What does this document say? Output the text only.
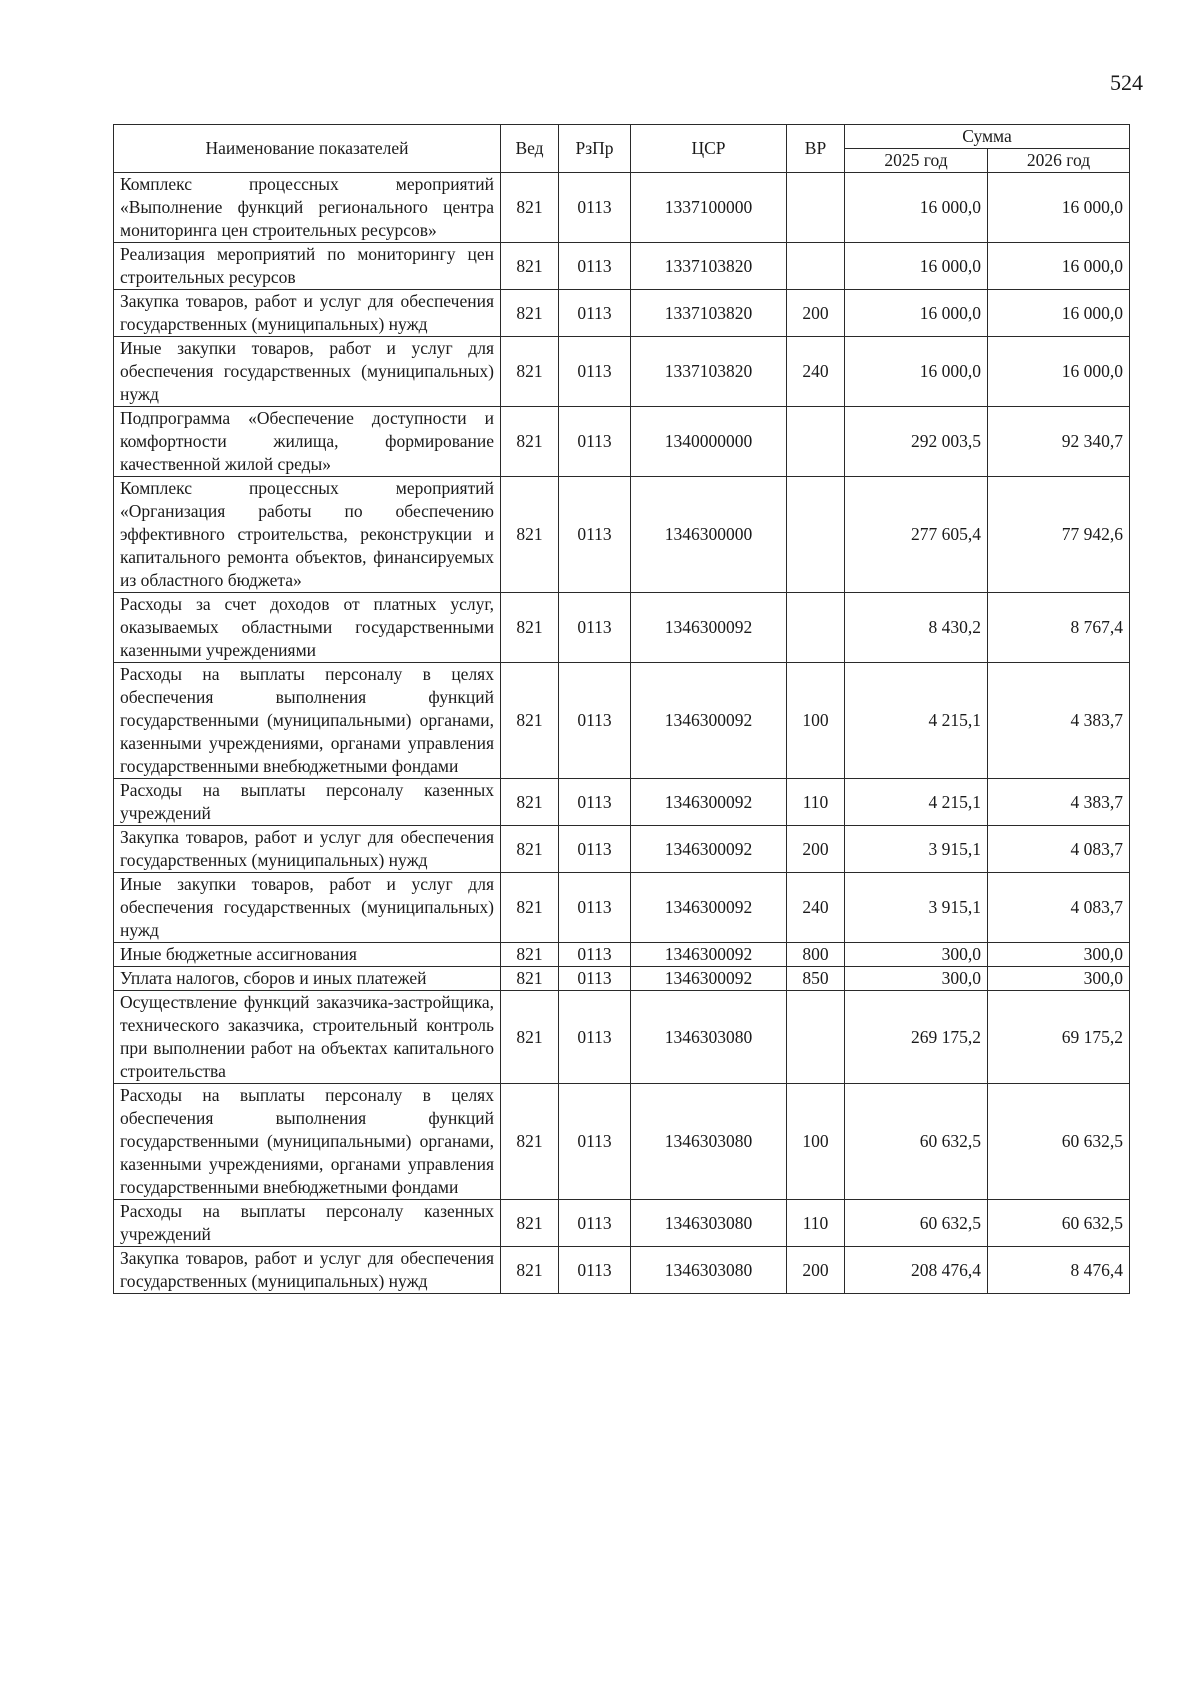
524
Наименование показателей	Вед	РзПр	ЦСР	ВР	Сумма	
					2025 год	2026 год
Комплекс процессных мероприятий «Выполнение функций регионального центра мониторинга цен строительных ресурсов»	821	0113	1337100000		16 000,0	16 000,0
Реализация мероприятий по мониторингу цен строительных ресурсов	821	0113	1337103820		16 000,0	16 000,0
Закупка товаров, работ и услуг для обеспечения государственных (муниципальных) нужд	821	0113	1337103820	200	16 000,0	16 000,0
Иные закупки товаров, работ и услуг для обеспечения государственных (муниципальных) нужд	821	0113	1337103820	240	16 000,0	16 000,0
Подпрограмма «Обеспечение доступности и комфортности жилища, формирование качественной жилой среды»	821	0113	1340000000		292 003,5	92 340,7
Комплекс процессных мероприятий «Организация работы по обеспечению эффективного строительства, реконструкции и капитального ремонта объектов, финансируемых из областного бюджета»	821	0113	1346300000		277 605,4	77 942,6
Расходы за счет доходов от платных услуг, оказываемых областными государственными казенными учреждениями	821	0113	1346300092		8 430,2	8 767,4
Расходы на выплаты персоналу в целях обеспечения выполнения функций государственными (муниципальными) органами, казенными учреждениями, органами управления государственными внебюджетными фондами	821	0113	1346300092	100	4 215,1	4 383,7
Расходы на выплаты персоналу казенных учреждений	821	0113	1346300092	110	4 215,1	4 383,7
Закупка товаров, работ и услуг для обеспечения государственных (муниципальных) нужд	821	0113	1346300092	200	3 915,1	4 083,7
Иные закупки товаров, работ и услуг для обеспечения государственных (муниципальных) нужд	821	0113	1346300092	240	3 915,1	4 083,7
Иные бюджетные ассигнования	821	0113	1346300092	800	300,0	300,0
Уплата налогов, сборов и иных платежей	821	0113	1346300092	850	300,0	300,0
Осуществление функций заказчика-застройщика, технического заказчика, строительный контроль при выполнении работ на объектах капитального строительства	821	0113	1346303080		269 175,2	69 175,2
Расходы на выплаты персоналу в целях обеспечения выполнения функций государственными (муниципальными) органами, казенными учреждениями, органами управления государственными внебюджетными фондами	821	0113	1346303080	100	60 632,5	60 632,5
Расходы на выплаты персоналу казенных учреждений	821	0113	1346303080	110	60 632,5	60 632,5
Закупка товаров, работ и услуг для обеспечения государственных (муниципальных) нужд	821	0113	1346303080	200	208 476,4	8 476,4
